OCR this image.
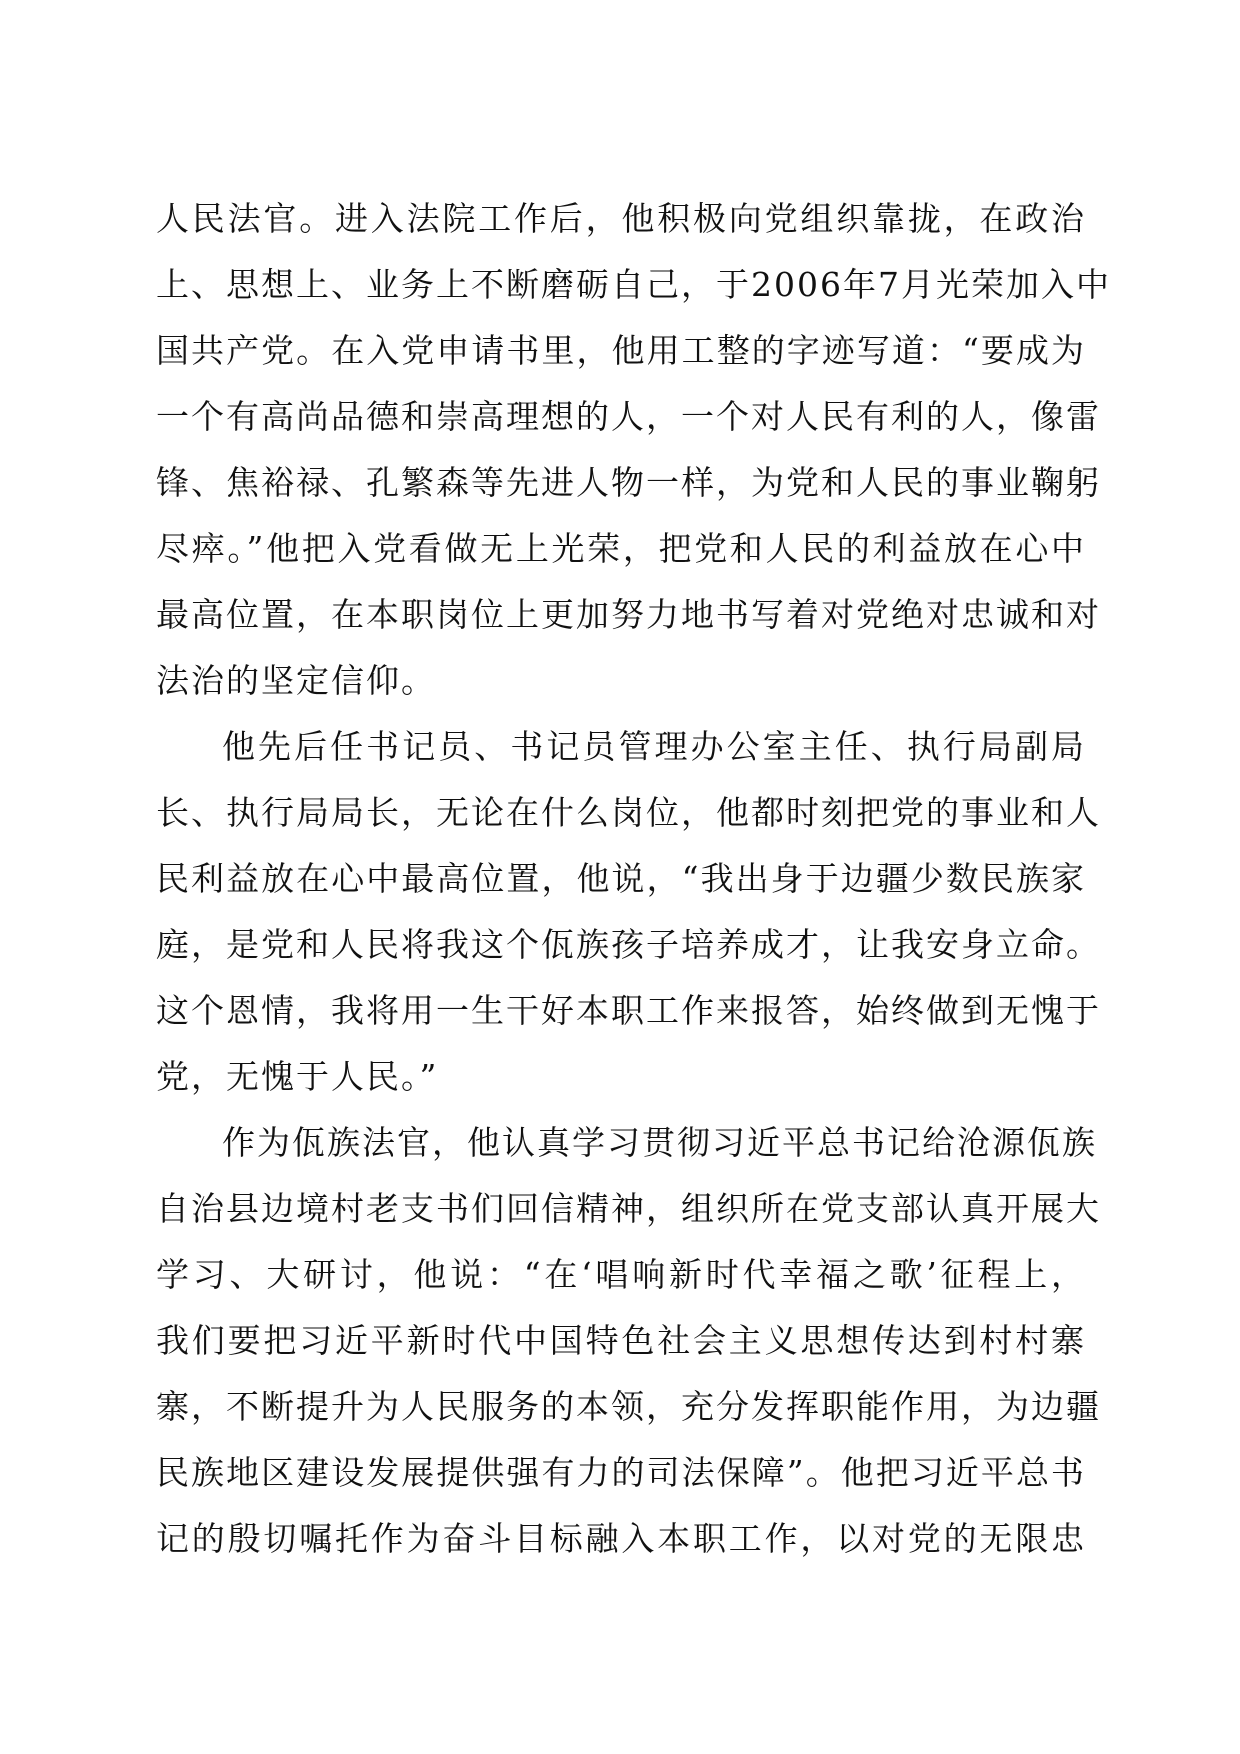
人民法官。进入法院工作后，他积极向党组织靠拢，在政治
上、思想上、业务上不断磨砺自己，于2006年7月光荣加入中
国共产党。在入党申请书里，他用工整的字迹写道：“要成为
一个有高尚品德和崇高理想的人，一个对人民有利的人，像雷
锋、焦裕禄、孔繁森等先进人物一样，为党和人民的事业鞠躬
尽瘁。”他把入党看做无上光荣，把党和人民的利益放在心中
最高位置，在本职岗位上更加努力地书写着对党绝对忠诚和对
法治的坚定信仰。
他先后任书记员、书记员管理办公室主任、执行局副局
长、执行局局长，无论在什么岗位，他都时刻把党的事业和人
民利益放在心中最高位置，他说，“我出身于边疆少数民族家
庭，是党和人民将我这个佤族孩子培养成才，让我安身立命。
这个恩情，我将用一生干好本职工作来报答，始终做到无愧于
党，无愧于人民。”
作为佤族法官，他认真学习贯彻习近平总书记给沧源佤族
自治县边境村老支书们回信精神，组织所在党支部认真开展大
学习、大研讨，他说：“在‘唱响新时代幸福之歌’征程上，
我们要把习近平新时代中国特色社会主义思想传达到村村寨
寨，不断提升为人民服务的本领，充分发挥职能作用，为边疆
民族地区建设发展提供强有力的司法保障”。他把习近平总书
记的殷切嘱托作为奋斗目标融入本职工作，以对党的无限忠
